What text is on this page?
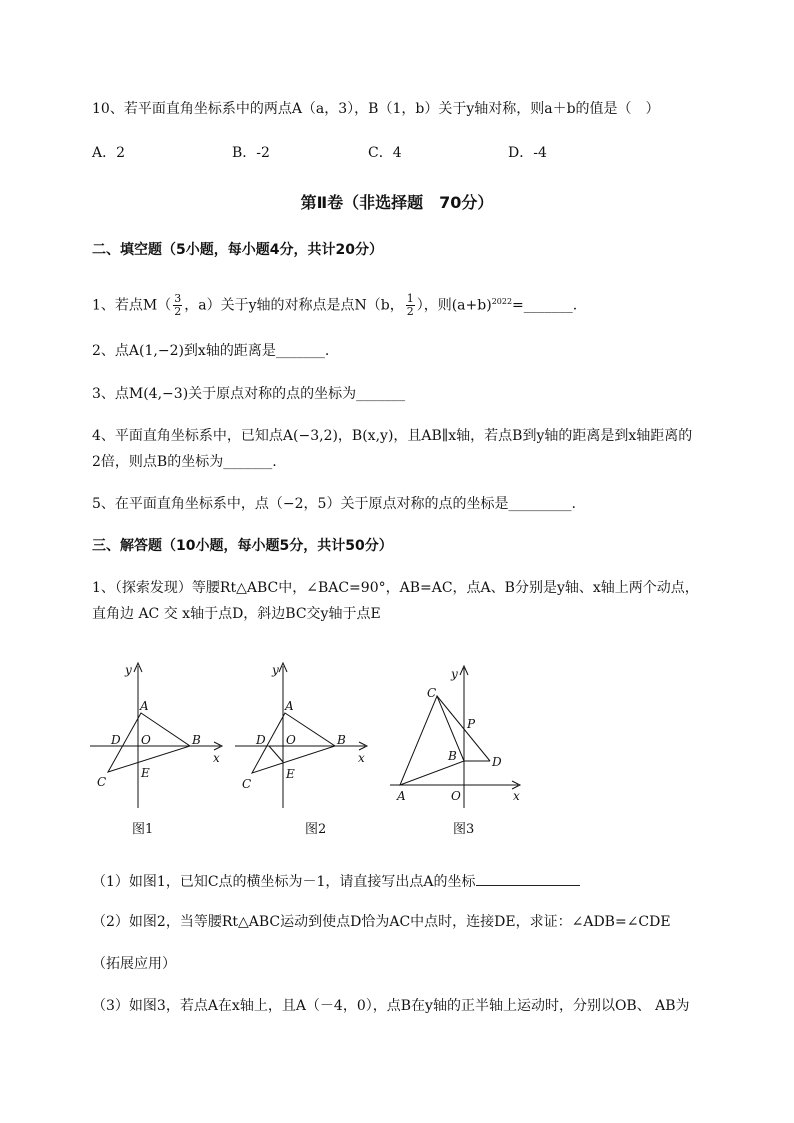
10、若平面直角坐标系中的两点A（a，3），B（1，b）关于y轴对称，则a＋b的值是（　）
A．2	B．-2	C．4	D．-4
第Ⅱ卷（非选择题　70分）
二、填空题（5小题，每小题4分，共计20分）
1、若点$M( \frac{3}{2}$ ，a）关于y轴的对称点是点N（b， $\frac{1}{2}$ ），则$(a+b)^{2022}=\_\_\_\_\_\_\_$.
2、点A(1,−2)到x轴的距离是_______.
3、点M(4,−3)关于原点对称的点的坐标为_______
4、平面直角坐标系中，已知点A(−3,2)，B(x,y)，且AB∥x轴，若点B到y轴的距离是到x轴距离的
2倍，则点B的坐标为_______.
5、在平面直角坐标系中，点（−2，5）关于原点对称的点的坐标是_________.
三、解答题（10小题，每小题5分，共计50分）
1、（探索发现）等腰Rt△ABC中，∠BAC=90°，AB=AC，点A、B分别是y轴、x轴上两个动点，
直角边 AC 交 x轴于点D，斜边BC交y轴于点E
y
x
A
B
C
D
E
O
y
x
A
B
C
D
E
O
y
x
A
B
C
D
P
O
图1	图2	图3
（1）如图1，已知C点的横坐标为－1，请直接写出点A的坐标
（2）如图2，当等腰Rt△ABC运动到使点D恰为AC中点时，连接DE，求证：∠ADB=∠CDE
（拓展应用）
（3）如图3，若点A在x轴上，且A（－4，0），点B在y轴的正半轴上运动时，分别以OB、 AB为
